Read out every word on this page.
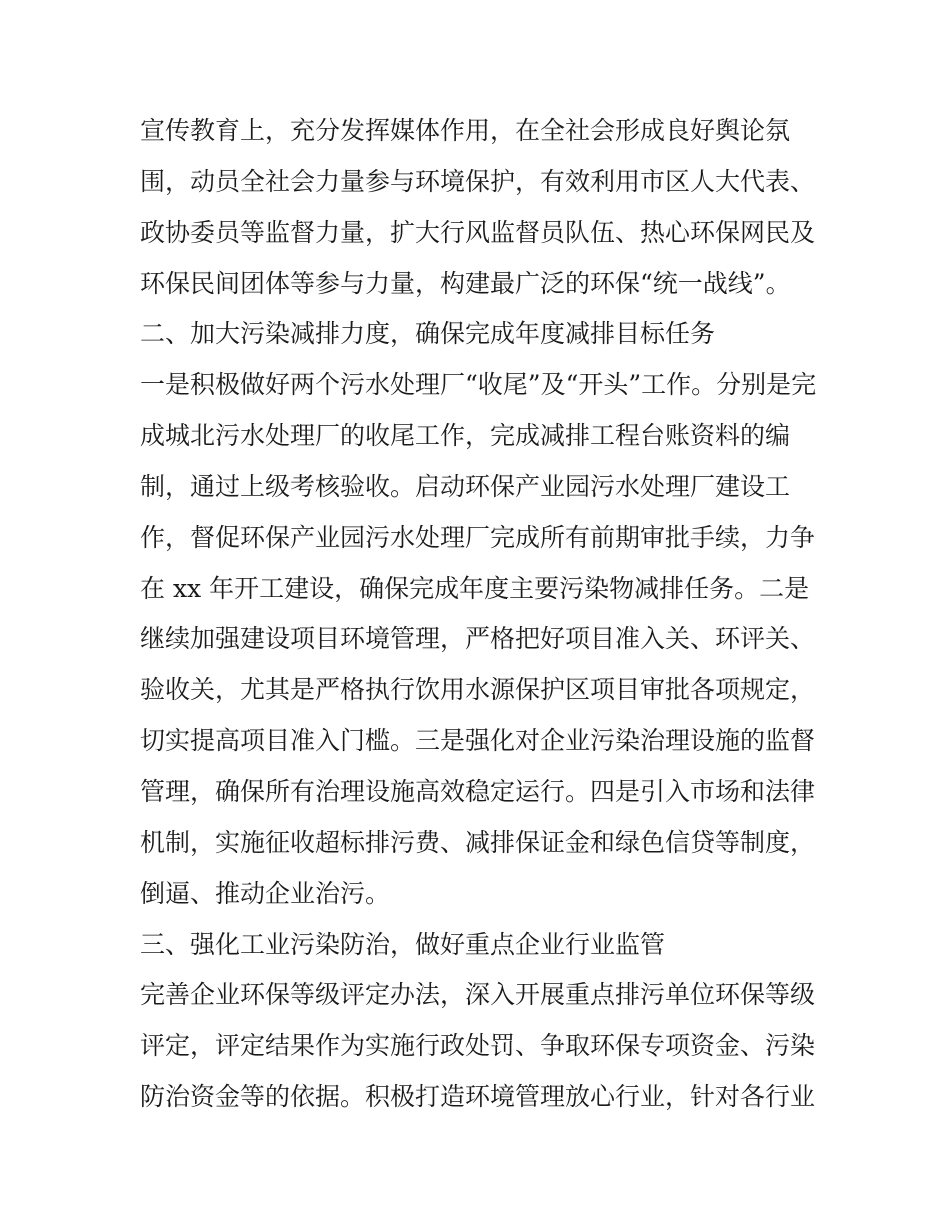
宣传教育上，充分发挥媒体作用，在全社会形成良好舆论氛
围，动员全社会力量参与环境保护，有效利用市区人大代表、
政协委员等监督力量，扩大行风监督员队伍、热心环保网民及
环保民间团体等参与力量，构建最广泛的环保“统一战线”。
二、加大污染减排力度，确保完成年度减排目标任务
一是积极做好两个污水处理厂“收尾”及“开头”工作。分别是完
成城北污水处理厂的收尾工作，完成减排工程台账资料的编
制，通过上级考核验收。启动环保产业园污水处理厂建设工
作，督促环保产业园污水处理厂完成所有前期审批手续，力争
在 xx 年开工建设，确保完成年度主要污染物减排任务。二是
继续加强建设项目环境管理，严格把好项目准入关、环评关、
验收关，尤其是严格执行饮用水源保护区项目审批各项规定，
切实提高项目准入门槛。三是强化对企业污染治理设施的监督
管理，确保所有治理设施高效稳定运行。四是引入市场和法律
机制，实施征收超标排污费、减排保证金和绿色信贷等制度，
倒逼、推动企业治污。
三、强化工业污染防治，做好重点企业行业监管
完善企业环保等级评定办法，深入开展重点排污单位环保等级
评定，评定结果作为实施行政处罚、争取环保专项资金、污染
防治资金等的依据。积极打造环境管理放心行业，针对各行业
